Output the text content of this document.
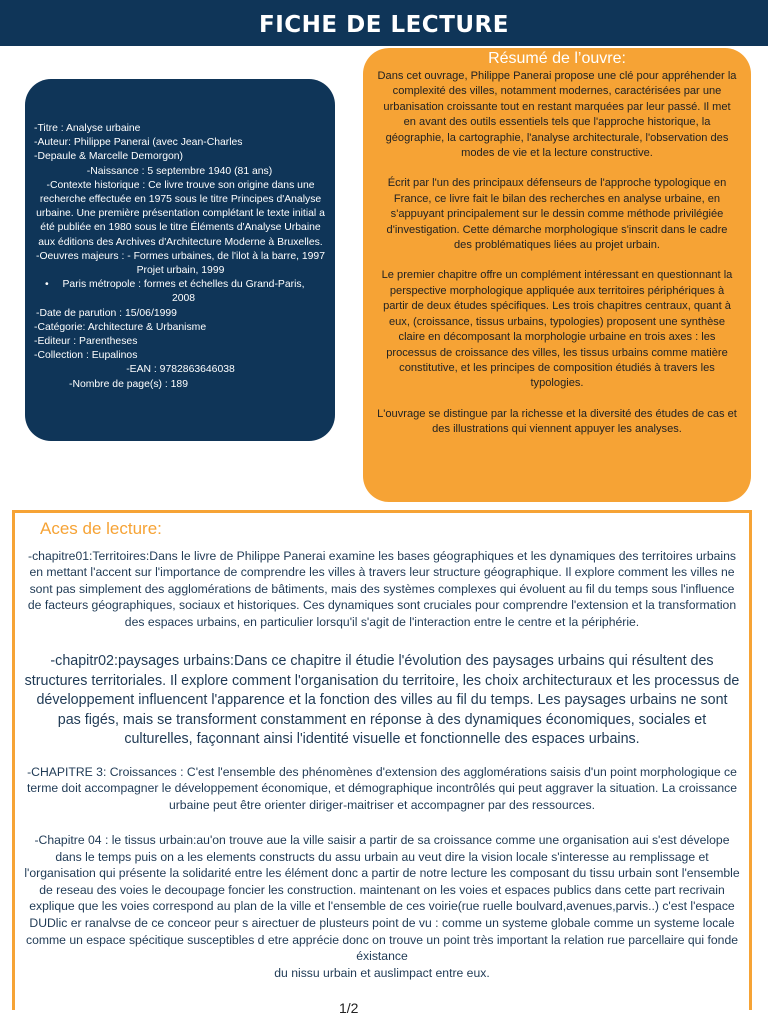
FICHE DE LECTURE

-Titre : Analyse urbaine

-Auteur: Philippe Panerai (avec Jean-Charles

-Depaule & Marcelle Demorgon)

-Naissance : 5 septembre 1940 (81 ans)

-Contexte historique : Ce livre trouve son origine dans une recherche effectuée en 1975 sous le titre Principes d'Analyse urbaine. Une première présentation complétant le texte initial a été publiée en 1980 sous le titre Éléments d'Analyse Urbaine aux éditions des Archives d'Architecture Moderne à Bruxelles.

-Oeuvres majeurs : - Formes urbaines, de l'ilot à la barre, 1997

Projet urbain, 1999

• Paris métropole : formes et échelles du Grand-Paris, 2008

-Date de parution : 15/06/1999

-Catégorie: Architecture & Urbanisme

-Editeur : Parentheses

-Collection : Eupalinos

-EAN : 9782863646038

-Nombre de page(s) : 189

Résumé de l’ouvre:

Dans cet ouvrage, Philippe Panerai propose une clé pour appréhender la complexité des villes, notamment modernes, caractérisées par une urbanisation croissante tout en restant marquées par leur passé. Il met en avant des outils essentiels tels que l'approche historique, la géographie, la cartographie, l'analyse architecturale, l'observation des modes de vie et la lecture constructive.

Écrit par l'un des principaux défenseurs de l'approche typologique en France, ce livre fait le bilan des recherches en analyse urbaine, en s'appuyant principalement sur le dessin comme méthode privilégiée d'investigation. Cette démarche morphologique s'inscrit dans le cadre des problématiques liées au projet urbain.

Le premier chapitre offre un complément intéressant en questionnant la perspective morphologique appliquée aux territoires périphériques à partir de deux études spécifiques. Les trois chapitres centraux, quant à eux, (croissance, tissus urbains, typologies) proposent une synthèse claire en décomposant la morphologie urbaine en trois axes : les processus de croissance des villes, les tissus urbains comme matière constitutive, et les principes de composition étudiés à travers les typologies.

L'ouvrage se distingue par la richesse et la diversité des études de cas et des illustrations qui viennent appuyer les analyses.

Aces de lecture:
-chapitre01:Territoires:Dans le livre de Philippe Panerai examine les bases géographiques et les dynamiques des territoires urbains en mettant l'accent sur l'importance de comprendre les villes à travers leur structure géographique. Il explore comment les villes ne sont pas simplement des agglomérations de bâtiments, mais des systèmes complexes qui évoluent au fil du temps sous l'influence de facteurs géographiques, sociaux et historiques. Ces dynamiques sont cruciales pour comprendre l'extension et la transformation des espaces urbains, en particulier lorsqu'il s'agit de l'interaction entre le centre et la périphérie.
-chapitr02:paysages urbains:Dans ce chapitre il étudie l'évolution des paysages urbains qui résultent des structures territoriales. Il explore comment l'organisation du territoire, les choix architecturaux et les processus de développement influencent l'apparence et la fonction des villes au fil du temps. Les paysages urbains ne sont pas figés, mais se transforment constamment en réponse à des dynamiques économiques, sociales et culturelles, façonnant ainsi l'identité visuelle et fonctionnelle des espaces urbains.
-CHAPITRE 3: Croissances : C'est l'ensemble des phénomènes d'extension des agglomérations saisis d'un point morphologique ce terme doit accompagner le développement économique, et démographique incontrôlés qui peut aggraver la situation. La croissance urbaine peut être orienter diriger-maitriser et accompagner par des ressources.
-Chapitre 04 : le tissus urbain:au'on trouve aue la ville saisir a partir de sa croissance comme une organisation aui s'est dévelope dans le temps puis on a les elements constructs du assu urbain au veut dire la vision locale s'interesse au remplissage et l'organisation qui présente la solidarité entre les élément donc a partir de notre lecture les composant du tissu urbain sont l'ensemble de reseau des voies le decoupage foncier les construction. maintenant on les voies et espaces publics dans cette part recrivain explique que les voies correspond au plan de la ville et l'ensemble de ces voirie(rue ruelle boulvard,avenues,parvis..) c'est l'espace
DUDlic er ranalvse de ce conceor peur s airectuer de plusteurs point de vu : comme un systeme globale comme un systeme locale comme un espace spécitique susceptibles d etre apprécie donc on trouve un point très important la relation rue parcellaire qui fonde éxistance
du nissu urbain et auslimpact entre eux.
1/2
